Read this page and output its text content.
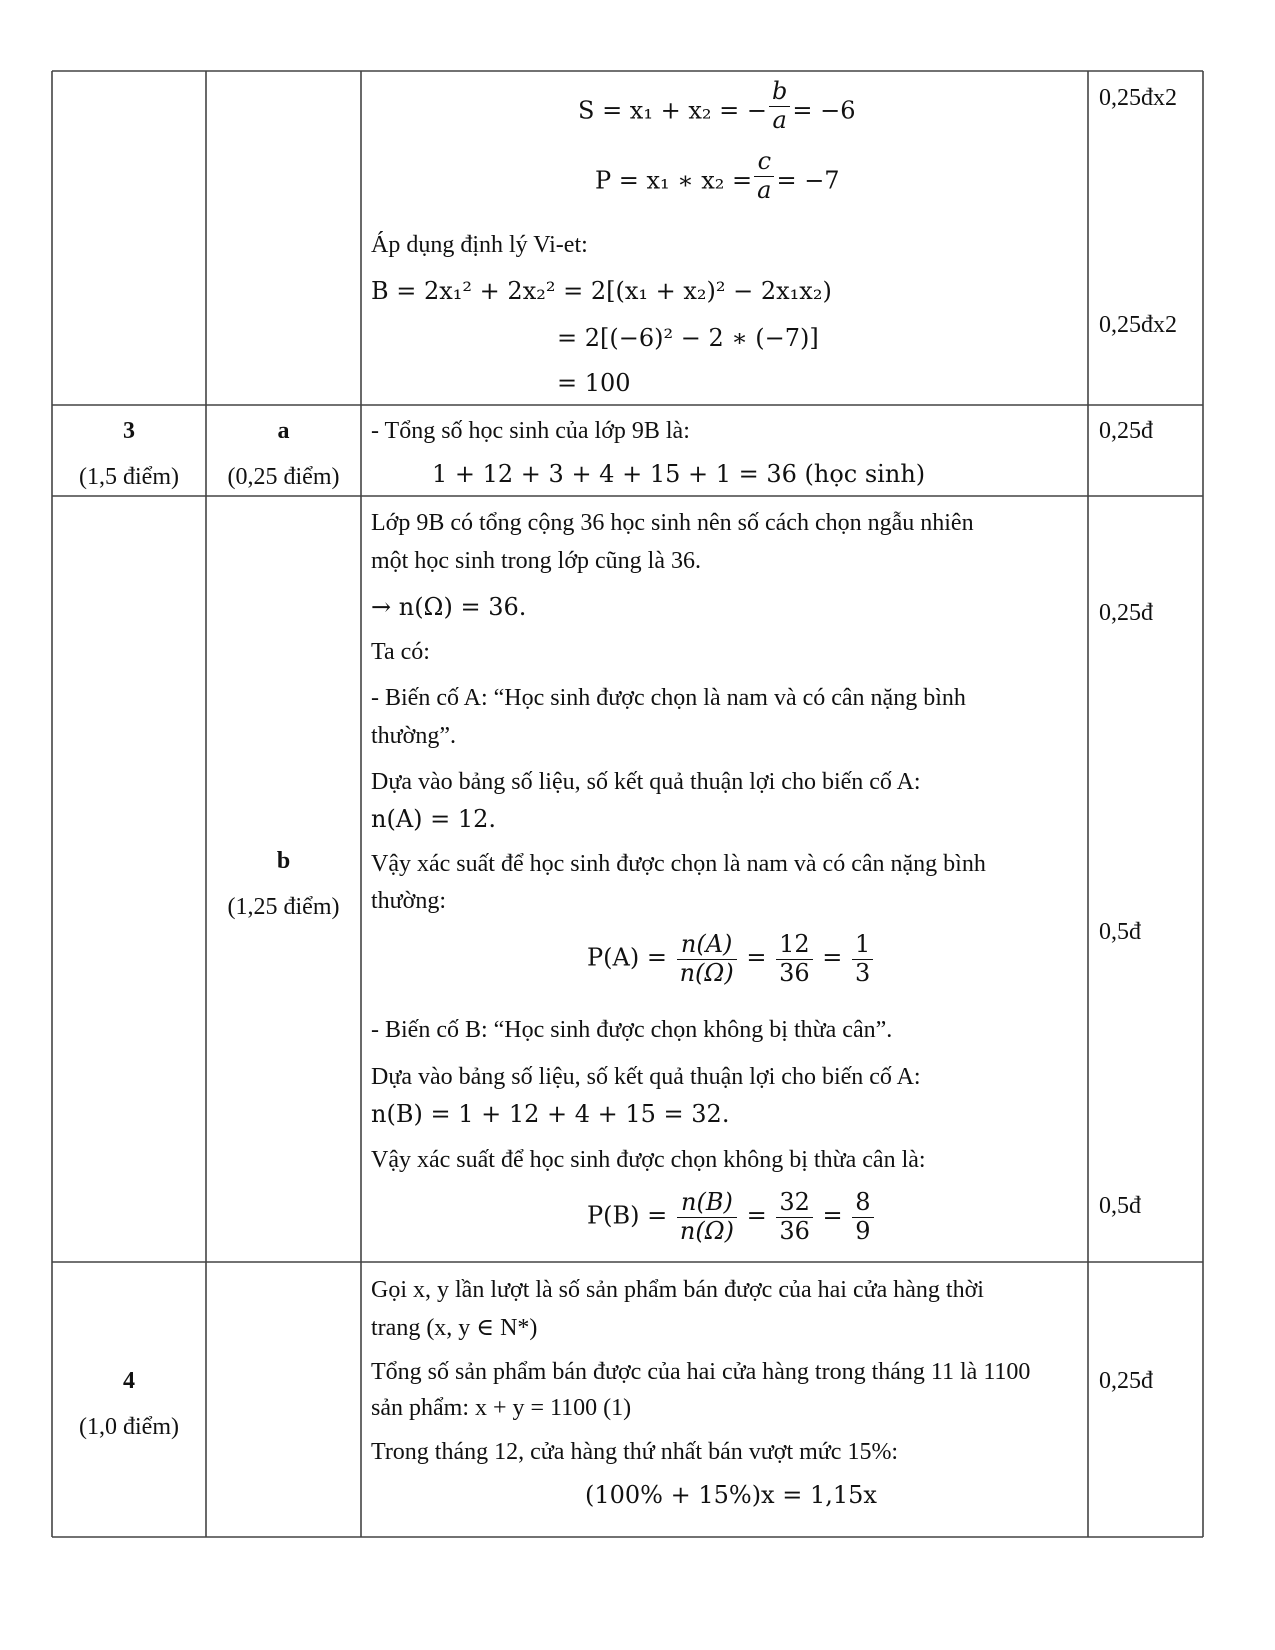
S = x₁ + x₂ = − $\frac{b}{a} = -6$
P = x₁ ∗ $x_2 = \frac{c}{a} = -7$
Áp dụng định lý Vi-et:
B = 2x₁² + 2x₂² = 2[(x₁ + x₂)² − 2x₁x₂)
= 2[(−6)² − 2 ∗ (−7)]
= 100
0,25đx2
0,25đx2
3
(1,5 điểm)
a
(0,25 điểm)
- Tổng số học sinh của lớp 9B là:
1 + 12 + 3 + 4 + 15 + 1 = 36 (học sinh)
0,25đ
b
(1,25 điểm)
Lớp 9B có tổng cộng 36 học sinh nên số cách chọn ngẫu nhiên
một học sinh trong lớp cũng là 36.
→ n(Ω) = 36.
Ta có:
- Biến cố A: “Học sinh được chọn là nam và có cân nặng bình
thường”.
Dựa vào bảng số liệu, số kết quả thuận lợi cho biến cố A:
n(A) = 12.
Vậy xác suất để học sinh được chọn là nam và có cân nặng bình
thường:
$P(A) = \frac{n(A)}{n(\Omega)} = \frac{12}{36} = \frac{1}{3}$
- Biến cố B: “Học sinh được chọn không bị thừa cân”.
Dựa vào bảng số liệu, số kết quả thuận lợi cho biến cố A:
n(B) = 1 + 12 + 4 + 15 = 32.
Vậy xác suất để học sinh được chọn không bị thừa cân là:
$P(B) = \frac{n(B)}{n(\Omega)} = \frac{32}{36} = \frac{8}{9}$
0,25đ
0,5đ
0,5đ
4
(1,0 điểm)
Gọi x, y lần lượt là số sản phẩm bán được của hai cửa hàng thời
trang (x, y ∈ N*)
Tổng số sản phẩm bán được của hai cửa hàng trong tháng 11 là 1100
sản phẩm: x + y = 1100 (1)
Trong tháng 12, cửa hàng thứ nhất bán vượt mức 15%:
(100% + 15%)x = 1,15x
0,25đ
